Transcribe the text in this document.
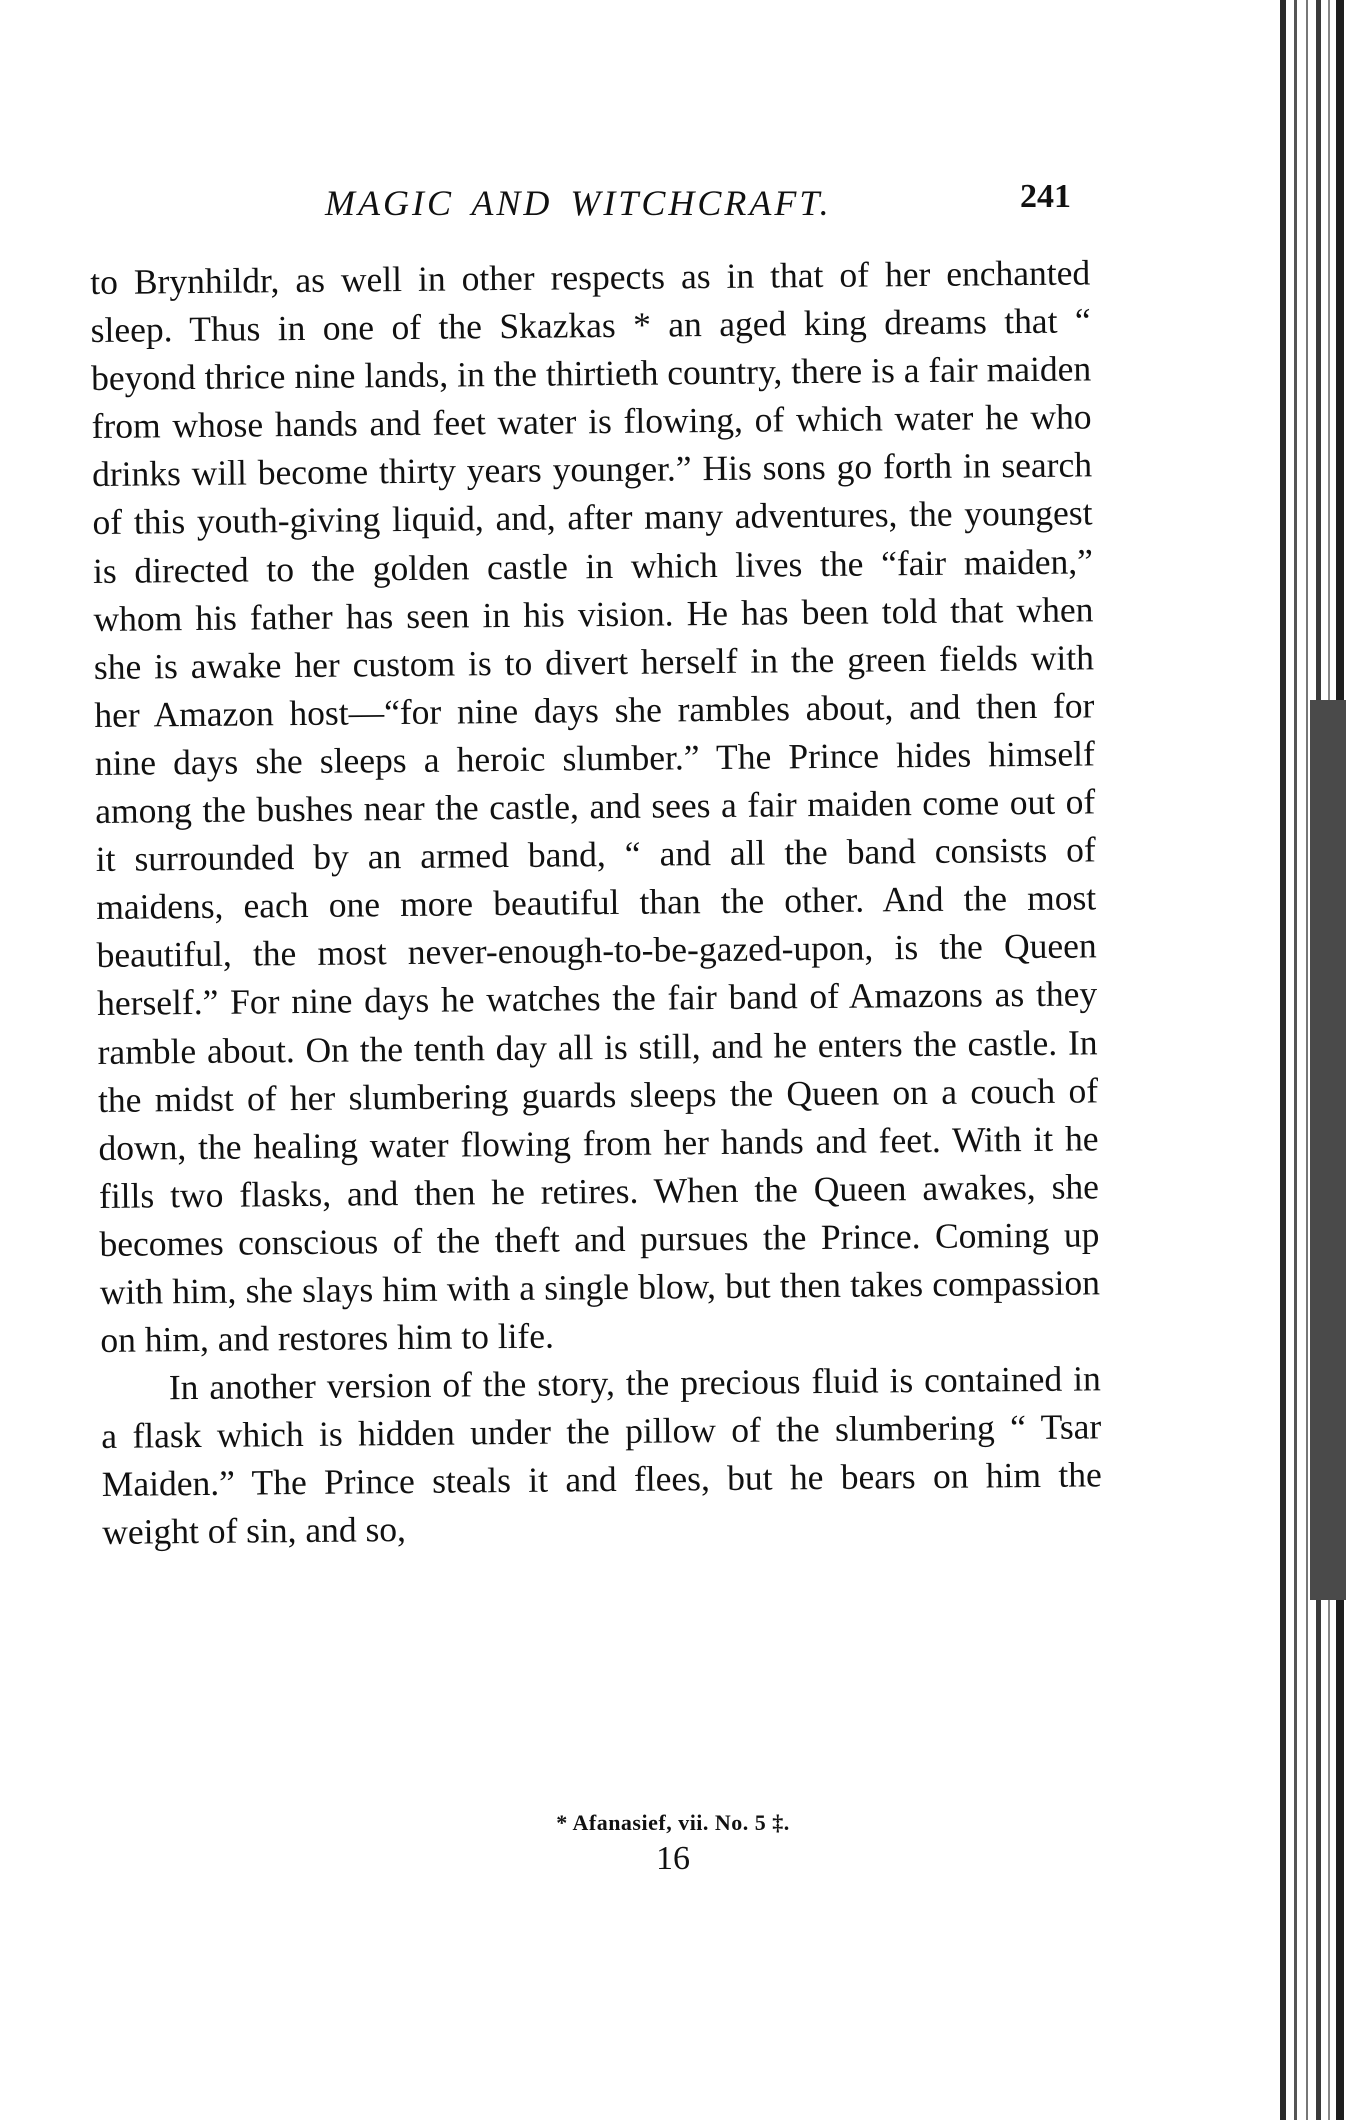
MAGIC AND WITCHCRAFT.	241

to Brynhildr, as well in other respects as in that of her enchanted sleep. Thus in one of the Skazkas * an aged king dreams that “ beyond thrice nine lands, in the thirtieth country, there is a fair maiden from whose hands and feet water is flowing, of which water he who drinks will become thirty years younger.” His sons go forth in search of this youth-giving liquid, and, after many adventures, the youngest is directed to the golden castle in which lives the “fair maiden,” whom his father has seen in his vision. He has been told that when she is awake her custom is to divert herself in the green fields with her Amazon host—“for nine days she rambles about, and then for nine days she sleeps a heroic slumber.” The Prince hides himself among the bushes near the castle, and sees a fair maiden come out of it surrounded by an armed band, “ and all the band consists of maidens, each one more beautiful than the other. And the most beautiful, the most never-enough-to-be-gazed-upon, is the Queen herself.” For nine days he watches the fair band of Amazons as they ramble about. On the tenth day all is still, and he enters the castle. In the midst of her slumbering guards sleeps the Queen on a couch of down, the healing water flowing from her hands and feet. With it he fills two flasks, and then he retires. When the Queen awakes, she becomes conscious of the theft and pursues the Prince. Coming up with him, she slays him with a single blow, but then takes compassion on him, and restores him to life.

In another version of the story, the precious fluid is contained in a flask which is hidden under the pillow of the slumbering “ Tsar Maiden.” The Prince steals it and flees, but he bears on him the weight of sin, and so,

* Afanasief, vii. No. 5 ‡.
16
